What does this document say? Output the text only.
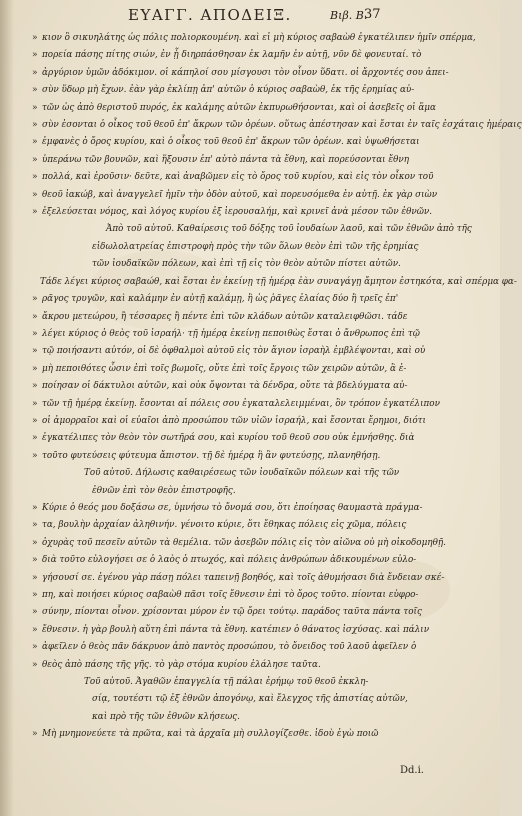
ΕΥΑΓΓ. ΑΠΟΔΕΙΞ.	Βιβ. Β.
37
» κιον ὃ σικυηλάτης ὡς πόλις πολιορκουμένη. καὶ εἰ μὴ κύριος σαβαὼθ ἐγκατέλιπεν ἡμῖν σπέρμα,
» πορεία πάσης πίτης σιών, ἐν ᾗ διηρπάσθησαν ἐκ λαμῆν ἐν αὐτῇ, νῦν δὲ φονευταί. τὸ
» ἀργύριον ὑμῶν ἀδόκιμον. οἱ κάπηλοί σου μίσγουσι τὸν οἶνον ὕδατι. οἱ ἄρχοντές σου ἀπει-
» σὺν ὕδωρ μὴ ἔχων. ἐὰν γὰρ ἐκλίπῃ ἀπ' αὐτῶν ὁ κύριος σαβαὼθ, ἐκ τῆς ἐρημίας αὐ-
» τῶν ὡς ἀπὸ θεριστοῦ πυρός, ἐκ καλάμης αὐτῶν ἐκπυρωθήσονται, καὶ οἱ ἀσεβεῖς οἱ ἅμα
» σὺν ἐσονται ὁ οἶκος τοῦ θεοῦ ἐπ' ἄκρων τῶν ὀρέων. οὕτως ἀπέστησαν καὶ ἔσται ἐν ταῖς ἐσχάταις ἡμέραις
» ἐμφανὲς ὁ ὄρος κυρίου, καὶ ὁ οἶκος τοῦ θεοῦ ἐπ' ἄκρων τῶν ὀρέων. καὶ ὑψωθήσεται
» ὑπεράνω τῶν βουνῶν, καὶ ἥξουσιν ἐπ' αὐτὸ πάντα τὰ ἔθνη, καὶ πορεύσονται ἔθνη
» πολλά, καὶ ἐροῦσιν· δεῦτε, καὶ ἀναβῶμεν εἰς τὸ ὄρος τοῦ κυρίου, καὶ εἰς τὸν οἶκον τοῦ
» θεοῦ ἰακώβ, καὶ ἀναγγελεῖ ἡμῖν τὴν ὁδὸν αὐτοῦ, καὶ πορευσόμεθα ἐν αὐτῇ. ἐκ γὰρ σιὼν
» ἐξελεύσεται νόμος, καὶ λόγος κυρίου ἐξ ἱερουσαλήμ, καὶ κρινεῖ ἀνὰ μέσον τῶν ἐθνῶν.
Ἀπὸ τοῦ αὐτοῦ. Καθαίρεσις τοῦ δόξης τοῦ ἰουδαίων λαοῦ, καὶ τῶν ἐθνῶν ἀπὸ τῆς
εἰδωλολατρείας ἐπιστροφὴ πρὸς τὴν τῶν ὅλων θεὸν ἐπὶ τῶν τῆς ἐρημίας
τῶν ἰουδαϊκῶν πόλεων, καὶ ἐπὶ τῇ εἰς τὸν θεὸν αὐτῶν πίστει αὐτῶν.
Τάδε λέγει κύριος σαβαώθ, καὶ ἔσται ἐν ἐκείνῃ τῇ ἡμέρᾳ ἐὰν συναγάγῃ ἄμητον ἑστηκότα, καὶ σπέρμα φα-
» ρᾶγος τρυγῶν, καὶ καλάμην ἐν αὐτῇ καλάμῃ, ἢ ὡς ῥᾶγες ἐλαίας δύο ἢ τρεῖς ἐπ'
» ἄκρου μετεώρου, ἢ τέσσαρες ἢ πέντε ἐπὶ τῶν κλάδων αὐτῶν καταλειφθῶσι. τάδε
» λέγει κύριος ὁ θεὸς τοῦ ἰσραήλ· τῇ ἡμέρᾳ ἐκείνῃ πεποιθὼς ἔσται ὁ ἄνθρωπος ἐπὶ τῷ
» τῷ ποιήσαντι αὐτόν, οἱ δὲ ὀφθαλμοὶ αὐτοῦ εἰς τὸν ἅγιον ἰσραὴλ ἐμβλέψονται, καὶ οὐ
» μὴ πεποιθότες ὦσιν ἐπὶ τοῖς βωμοῖς, οὔτε ἐπὶ τοῖς ἔργοις τῶν χειρῶν αὐτῶν, ἃ ἐ-
» ποίησαν οἱ δάκτυλοι αὐτῶν, καὶ οὐκ ὄψονται τὰ δένδρα, οὔτε τὰ βδελύγματα αὐ-
» τῶν τῇ ἡμέρᾳ ἐκείνῃ. ἔσονται αἱ πόλεις σου ἐγκαταλελειμμέναι, ὃν τρόπον ἐγκατέλιπον
» οἱ ἀμορραῖοι καὶ οἱ εὐαῖοι ἀπὸ προσώπου τῶν υἱῶν ἰσραήλ, καὶ ἔσονται ἔρημοι, διότι
» ἐγκατέλιπες τὸν θεὸν τὸν σωτῆρά σου, καὶ κυρίου τοῦ θεοῦ σου οὐκ ἐμνήσθης. διὰ
» τοῦτο φυτεύσεις φύτευμα ἄπιστον. τῇ δὲ ἡμέρᾳ ἣ ἂν φυτεύσῃς, πλανηθήσῃ.
Τοῦ αὐτοῦ. Δήλωσις καθαιρέσεως τῶν ἰουδαϊκῶν πόλεων καὶ τῆς τῶν
ἐθνῶν ἐπὶ τὸν θεὸν ἐπιστροφῆς.
» Κύριε ὁ θεός μου δοξάσω σε, ὑμνήσω τὸ ὄνομά σου, ὅτι ἐποίησας θαυμαστὰ πράγμα-
» τα, βουλὴν ἀρχαίαν ἀληθινήν. γένοιτο κύριε, ὅτι ἔθηκας πόλεις εἰς χῶμα, πόλεις
» ὀχυρὰς τοῦ πεσεῖν αὐτῶν τὰ θεμέλια. τῶν ἀσεβῶν πόλις εἰς τὸν αἰῶνα οὐ μὴ οἰκοδομηθῇ.
» διὰ τοῦτο εὐλογήσει σε ὁ λαὸς ὁ πτωχός, καὶ πόλεις ἀνθρώπων ἀδικουμένων εὐλο-
» γήσουσί σε. ἐγένου γὰρ πάσῃ πόλει ταπεινῇ βοηθός, καὶ τοῖς ἀθυμήσασι διὰ ἔνδειαν σκέ-
» πη, καὶ ποιήσει κύριος σαβαὼθ πᾶσι τοῖς ἔθνεσιν ἐπὶ τὸ ὄρος τοῦτο. πίονται εὐφρο-
» σύνην, πίονται οἶνον. χρίσονται μύρον ἐν τῷ ὄρει τούτῳ. παράδος ταῦτα πάντα τοῖς
» ἔθνεσιν. ἡ γὰρ βουλὴ αὕτη ἐπὶ πάντα τὰ ἔθνη. κατέπιεν ὁ θάνατος ἰσχύσας. καὶ πάλιν
» ἀφεῖλεν ὁ θεὸς πᾶν δάκρυον ἀπὸ παντὸς προσώπου, τὸ ὄνειδος τοῦ λαοῦ ἀφεῖλεν ὁ
» θεὸς ἀπὸ πάσης τῆς γῆς. τὸ γὰρ στόμα κυρίου ἐλάλησε ταῦτα.
Τοῦ αὐτοῦ. Ἀγαθῶν ἐπαγγελία τῇ πάλαι ἐρήμῳ τοῦ θεοῦ ἐκκλη-
σίᾳ, τουτέστι τῷ ἐξ ἐθνῶν ἀπογόνῳ, καὶ ἔλεγχος τῆς ἀπιστίας αὐτῶν,
καὶ πρὸ τῆς τῶν ἐθνῶν κλήσεως.
» Μὴ μνημονεύετε τὰ πρῶτα, καὶ τὰ ἀρχαῖα μὴ συλλογίζεσθε. ἰδοὺ ἐγὼ ποιῶ
Dd.i.
